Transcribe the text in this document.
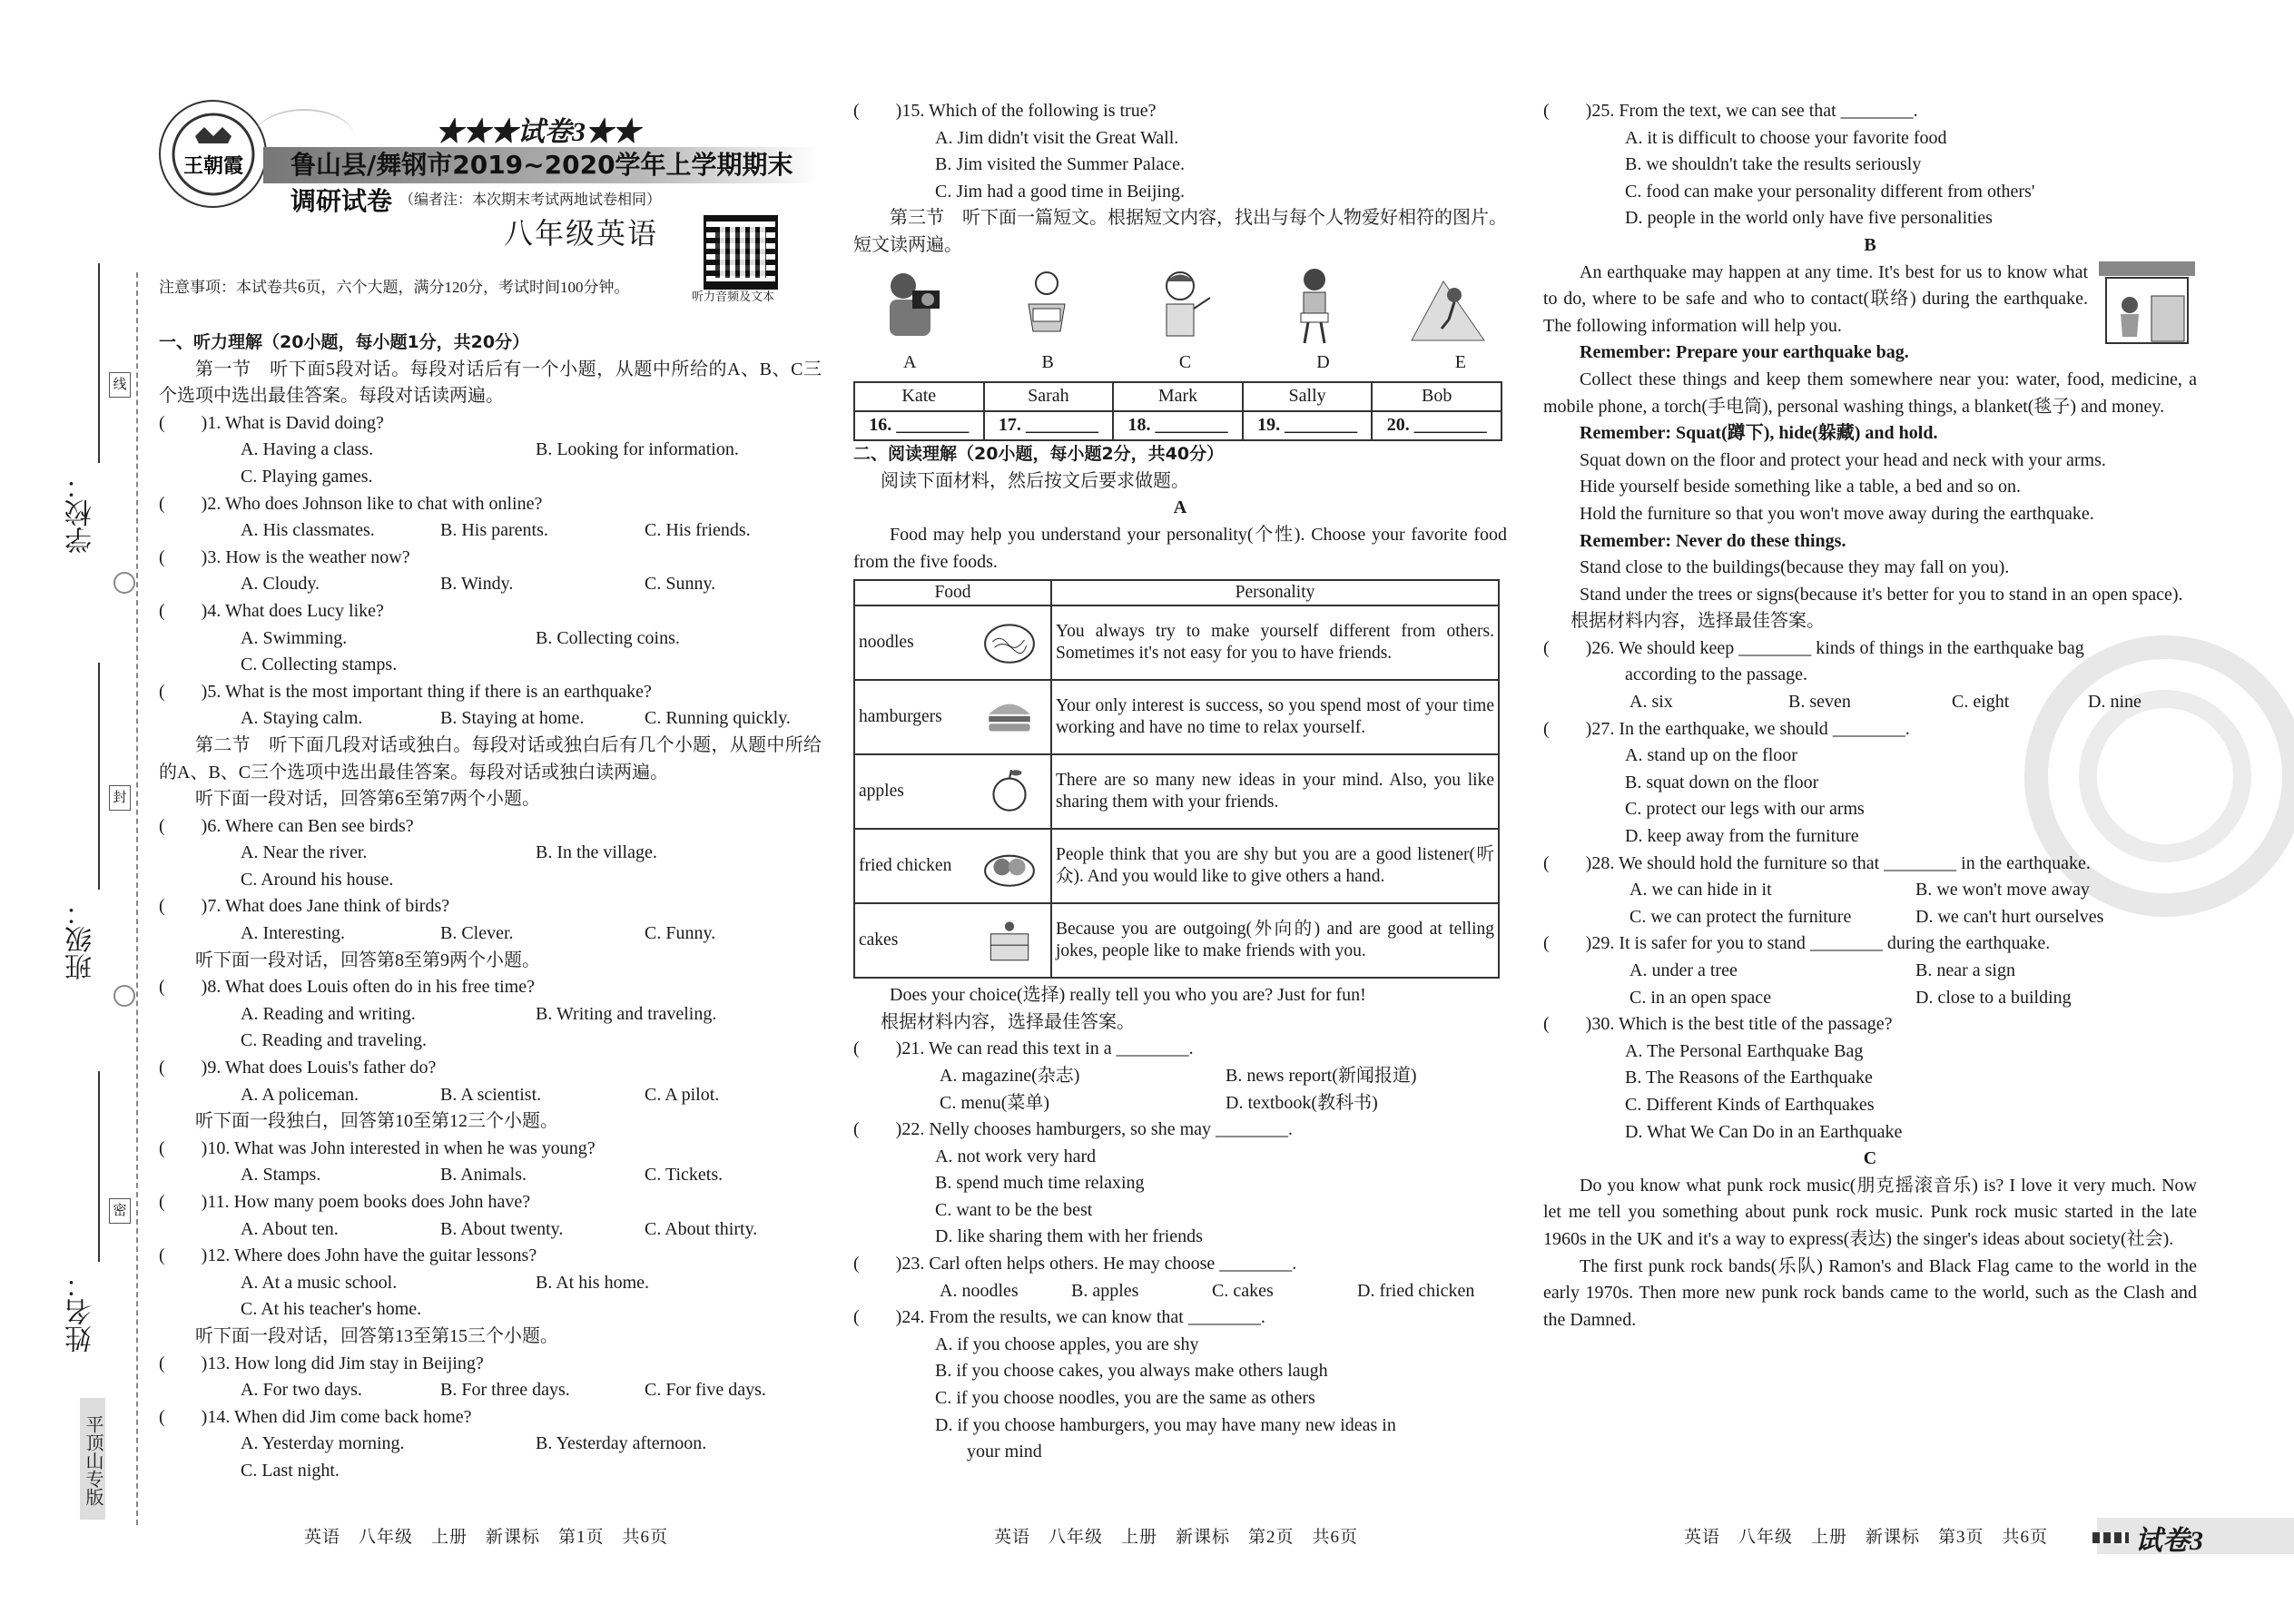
学校：
班级：
姓名：
线
封
密
平顶山专版
王朝霞
★★★试卷3★★
鲁山县/舞钢市2019~2020学年上学期期末调研试卷 （编者注：本次期末考试两地试卷相同）
八年级英语
听力音频及文本
注意事项：本试卷共6页，六个大题，满分120分，考试时间100分钟。
一、听力理解（20小题，每小题1分，共20分）
第一节　听下面5段对话。每段对话后有一个小题，从题中所给的A、B、C三个选项中选出最佳答案。每段对话读两遍。
(　　)1. What is David doing?
A. Having a class.	B. Looking for information.
C. Playing games.
(　　)2. Who does Johnson like to chat with online?
A. His classmates.	B. His parents.	C. His friends.
(　　)3. How is the weather now?
A. Cloudy.	B. Windy.	C. Sunny.
(　　)4. What does Lucy like?
A. Swimming.	B. Collecting coins.
C. Collecting stamps.
(　　)5. What is the most important thing if there is an earthquake?
A. Staying calm.	B. Staying at home.	C. Running quickly.
第二节　听下面几段对话或独白。每段对话或独白后有几个小题，从题中所给的A、B、C三个选项中选出最佳答案。每段对话或独白读两遍。
听下面一段对话，回答第6至第7两个小题。
(　　)6. Where can Ben see birds?
A. Near the river.	B. In the village.
C. Around his house.
(　　)7. What does Jane think of birds?
A. Interesting.	B. Clever.	C. Funny.
听下面一段对话，回答第8至第9两个小题。
(　　)8. What does Louis often do in his free time?
A. Reading and writing.	B. Writing and traveling.
C. Reading and traveling.
(　　)9. What does Louis's father do?
A. A policeman.	B. A scientist.	C. A pilot.
听下面一段独白，回答第10至第12三个小题。
(　　)10. What was John interested in when he was young?
A. Stamps.	B. Animals.	C. Tickets.
(　　)11. How many poem books does John have?
A. About ten.	B. About twenty.	C. About thirty.
(　　)12. Where does John have the guitar lessons?
A. At a music school.	B. At his home.
C. At his teacher's home.
听下面一段对话，回答第13至第15三个小题。
(　　)13. How long did Jim stay in Beijing?
A. For two days.	B. For three days.	C. For five days.
(　　)14. When did Jim come back home?
A. Yesterday morning.	B. Yesterday afternoon.
C. Last night.
(　　)15. Which of the following is true?
A. Jim didn't visit the Great Wall.
B. Jim visited the Summer Palace.
C. Jim had a good time in Beijing.
第三节　听下面一篇短文。根据短文内容，找出与每个人物爱好相符的图片。短文读两遍。
A	B	C	D	E
Kate	Sarah	Mark	Sally	Bob
16. ________	17. ________	18. ________	19. ________	20. ________
二、阅读理解（20小题，每小题2分，共40分）
阅读下面材料，然后按文后要求做题。
A
Food may help you understand your personality(个性). Choose your favorite food from the five foods.
Food	Personality
noodles	You always try to make yourself different from others. Sometimes it's not easy for you to have friends.
hamburgers	Your only interest is success, so you spend most of your time working and have no time to relax yourself.
apples	There are so many new ideas in your mind. Also, you like sharing them with your friends.
fried chicken	People think that you are shy but you are a good listener(听众). And you would like to give others a hand.
cakes	Because you are outgoing(外向的) and are good at telling jokes, people like to make friends with you.
Does your choice(选择) really tell you who you are? Just for fun!
根据材料内容，选择最佳答案。
(　　)21. We can read this text in a ________.
A. magazine(杂志)	B. news report(新闻报道)
C. menu(菜单)	D. textbook(教科书)
(　　)22. Nelly chooses hamburgers, so she may ________.
A. not work very hard
B. spend much time relaxing
C. want to be the best
D. like sharing them with her friends
(　　)23. Carl often helps others. He may choose ________.
A. noodles	B. apples	C. cakes	D. fried chicken
(　　)24. From the results, we can know that ________.
A. if you choose apples, you are shy
B. if you choose cakes, you always make others laugh
C. if you choose noodles, you are the same as others
D. if you choose hamburgers, you may have many new ideas in
your mind
(　　)25. From the text, we can see that ________.
A. it is difficult to choose your favorite food
B. we shouldn't take the results seriously
C. food can make your personality different from others'
D. people in the world only have five personalities
B
An earthquake may happen at any time. It's best for us to know what to do, where to be safe and who to contact(联络) during the earthquake. The following information will help you.
Remember: Prepare your earthquake bag.
Collect these things and keep them somewhere near you: water, food, medicine, a mobile phone, a torch(手电筒), personal washing things, a blanket(毯子) and money.
Remember: Squat(蹲下), hide(躲藏) and hold.
Squat down on the floor and protect your head and neck with your arms.
Hide yourself beside something like a table, a bed and so on.
Hold the furniture so that you won't move away during the earthquake.
Remember: Never do these things.
Stand close to the buildings(because they may fall on you).
Stand under the trees or signs(because it's better for you to stand in an open space).
根据材料内容，选择最佳答案。
(　　)26. We should keep ________ kinds of things in the earthquake bag
according to the passage.
A. six	B. seven	C. eight	D. nine
(　　)27. In the earthquake, we should ________.
A. stand up on the floor
B. squat down on the floor
C. protect our legs with our arms
D. keep away from the furniture
(　　)28. We should hold the furniture so that ________ in the earthquake.
A. we can hide in it	B. we won't move away
C. we can protect the furniture	D. we can't hurt ourselves
(　　)29. It is safer for you to stand ________ during the earthquake.
A. under a tree	B. near a sign
C. in an open space	D. close to a building
(　　)30. Which is the best title of the passage?
A. The Personal Earthquake Bag
B. The Reasons of the Earthquake
C. Different Kinds of Earthquakes
D. What We Can Do in an Earthquake
C
Do you know what punk rock music(朋克摇滚音乐) is? I love it very much. Now let me tell you something about punk rock music. Punk rock music started in the late 1960s in the UK and it's a way to express(表达) the singer's ideas about society(社会).
The first punk rock bands(乐队) Ramon's and Black Flag came to the world in the early 1970s. Then more new punk rock bands came to the world, such as the Clash and the Damned.
英语　八年级　上册　新课标　第1页　共6页	英语　八年级　上册　新课标　第2页　共6页	英语　八年级　上册　新课标　第3页　共6页	试卷3
